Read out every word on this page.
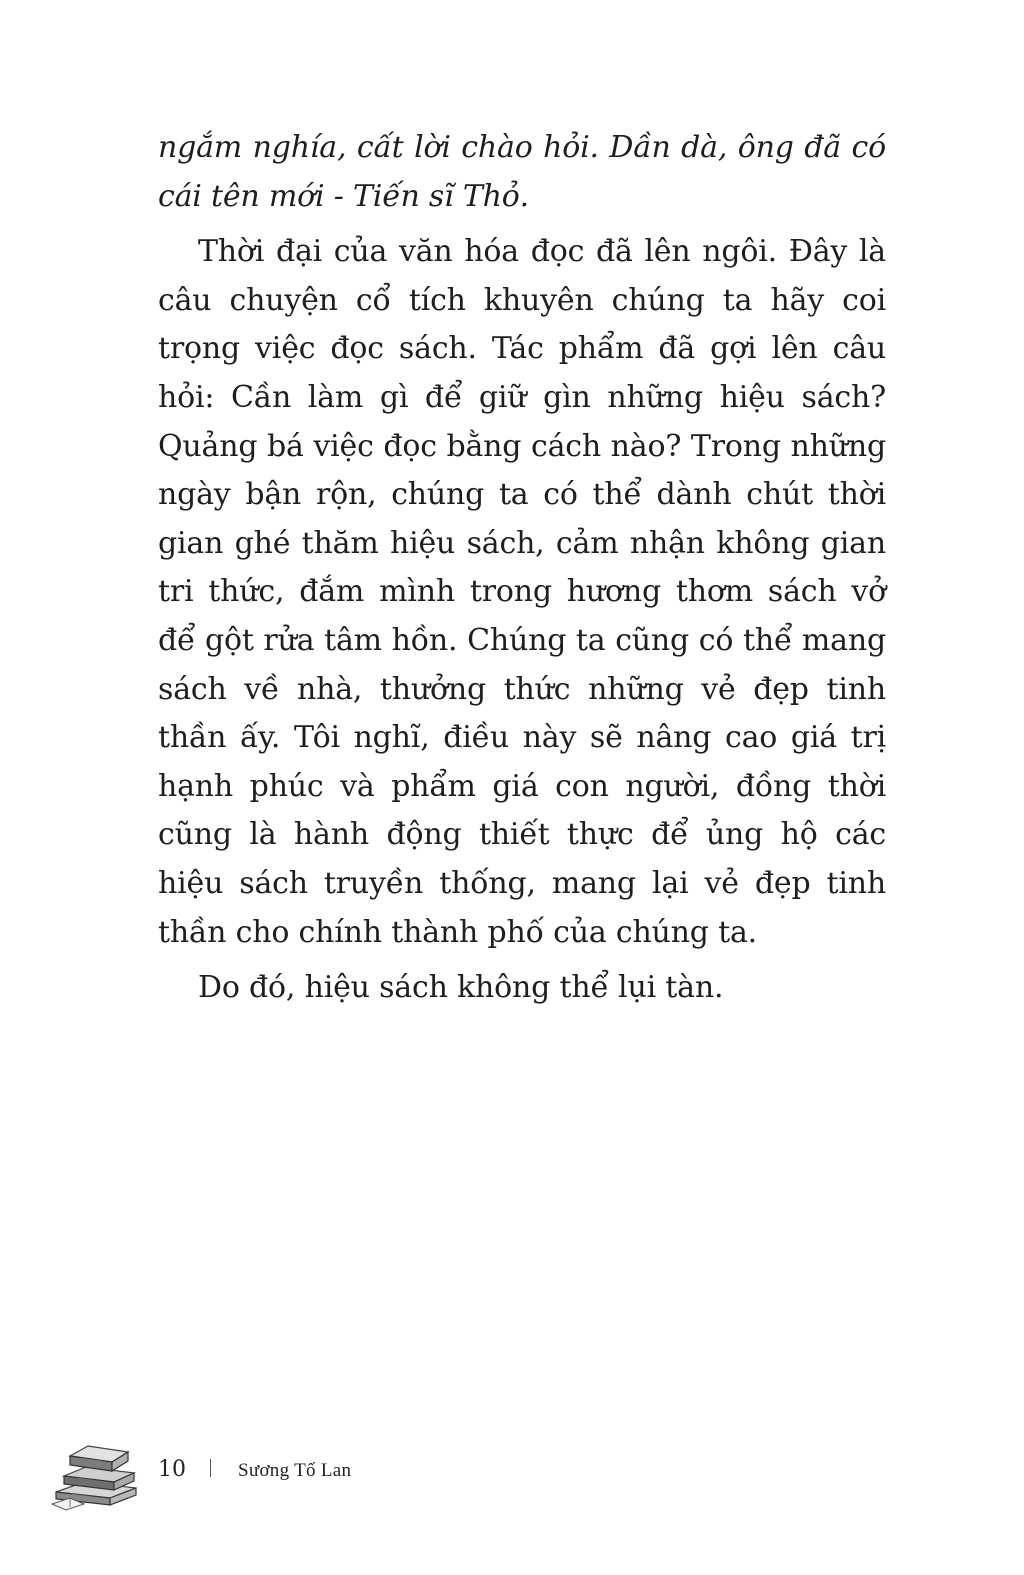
ngắm nghía, cất lời chào hỏi. Dần dà, ông đã có cái tên mới - Tiến sĩ Thỏ.

Thời đại của văn hóa đọc đã lên ngôi. Đây là câu chuyện cổ tích khuyên chúng ta hãy coi trọng việc đọc sách. Tác phẩm đã gợi lên câu hỏi: Cần làm gì để giữ gìn những hiệu sách? Quảng bá việc đọc bằng cách nào? Trong những ngày bận rộn, chúng ta có thể dành chút thời gian ghé thăm hiệu sách, cảm nhận không gian tri thức, đắm mình trong hương thơm sách vở để gột rửa tâm hồn. Chúng ta cũng có thể mang sách về nhà, thưởng thức những vẻ đẹp tinh thần ấy. Tôi nghĩ, điều này sẽ nâng cao giá trị hạnh phúc và phẩm giá con người, đồng thời cũng là hành động thiết thực để ủng hộ các hiệu sách truyền thống, mang lại vẻ đẹp tinh thần cho chính thành phố của chúng ta.

Do đó, hiệu sách không thể lụi tàn.

10	Sương Tố Lan
